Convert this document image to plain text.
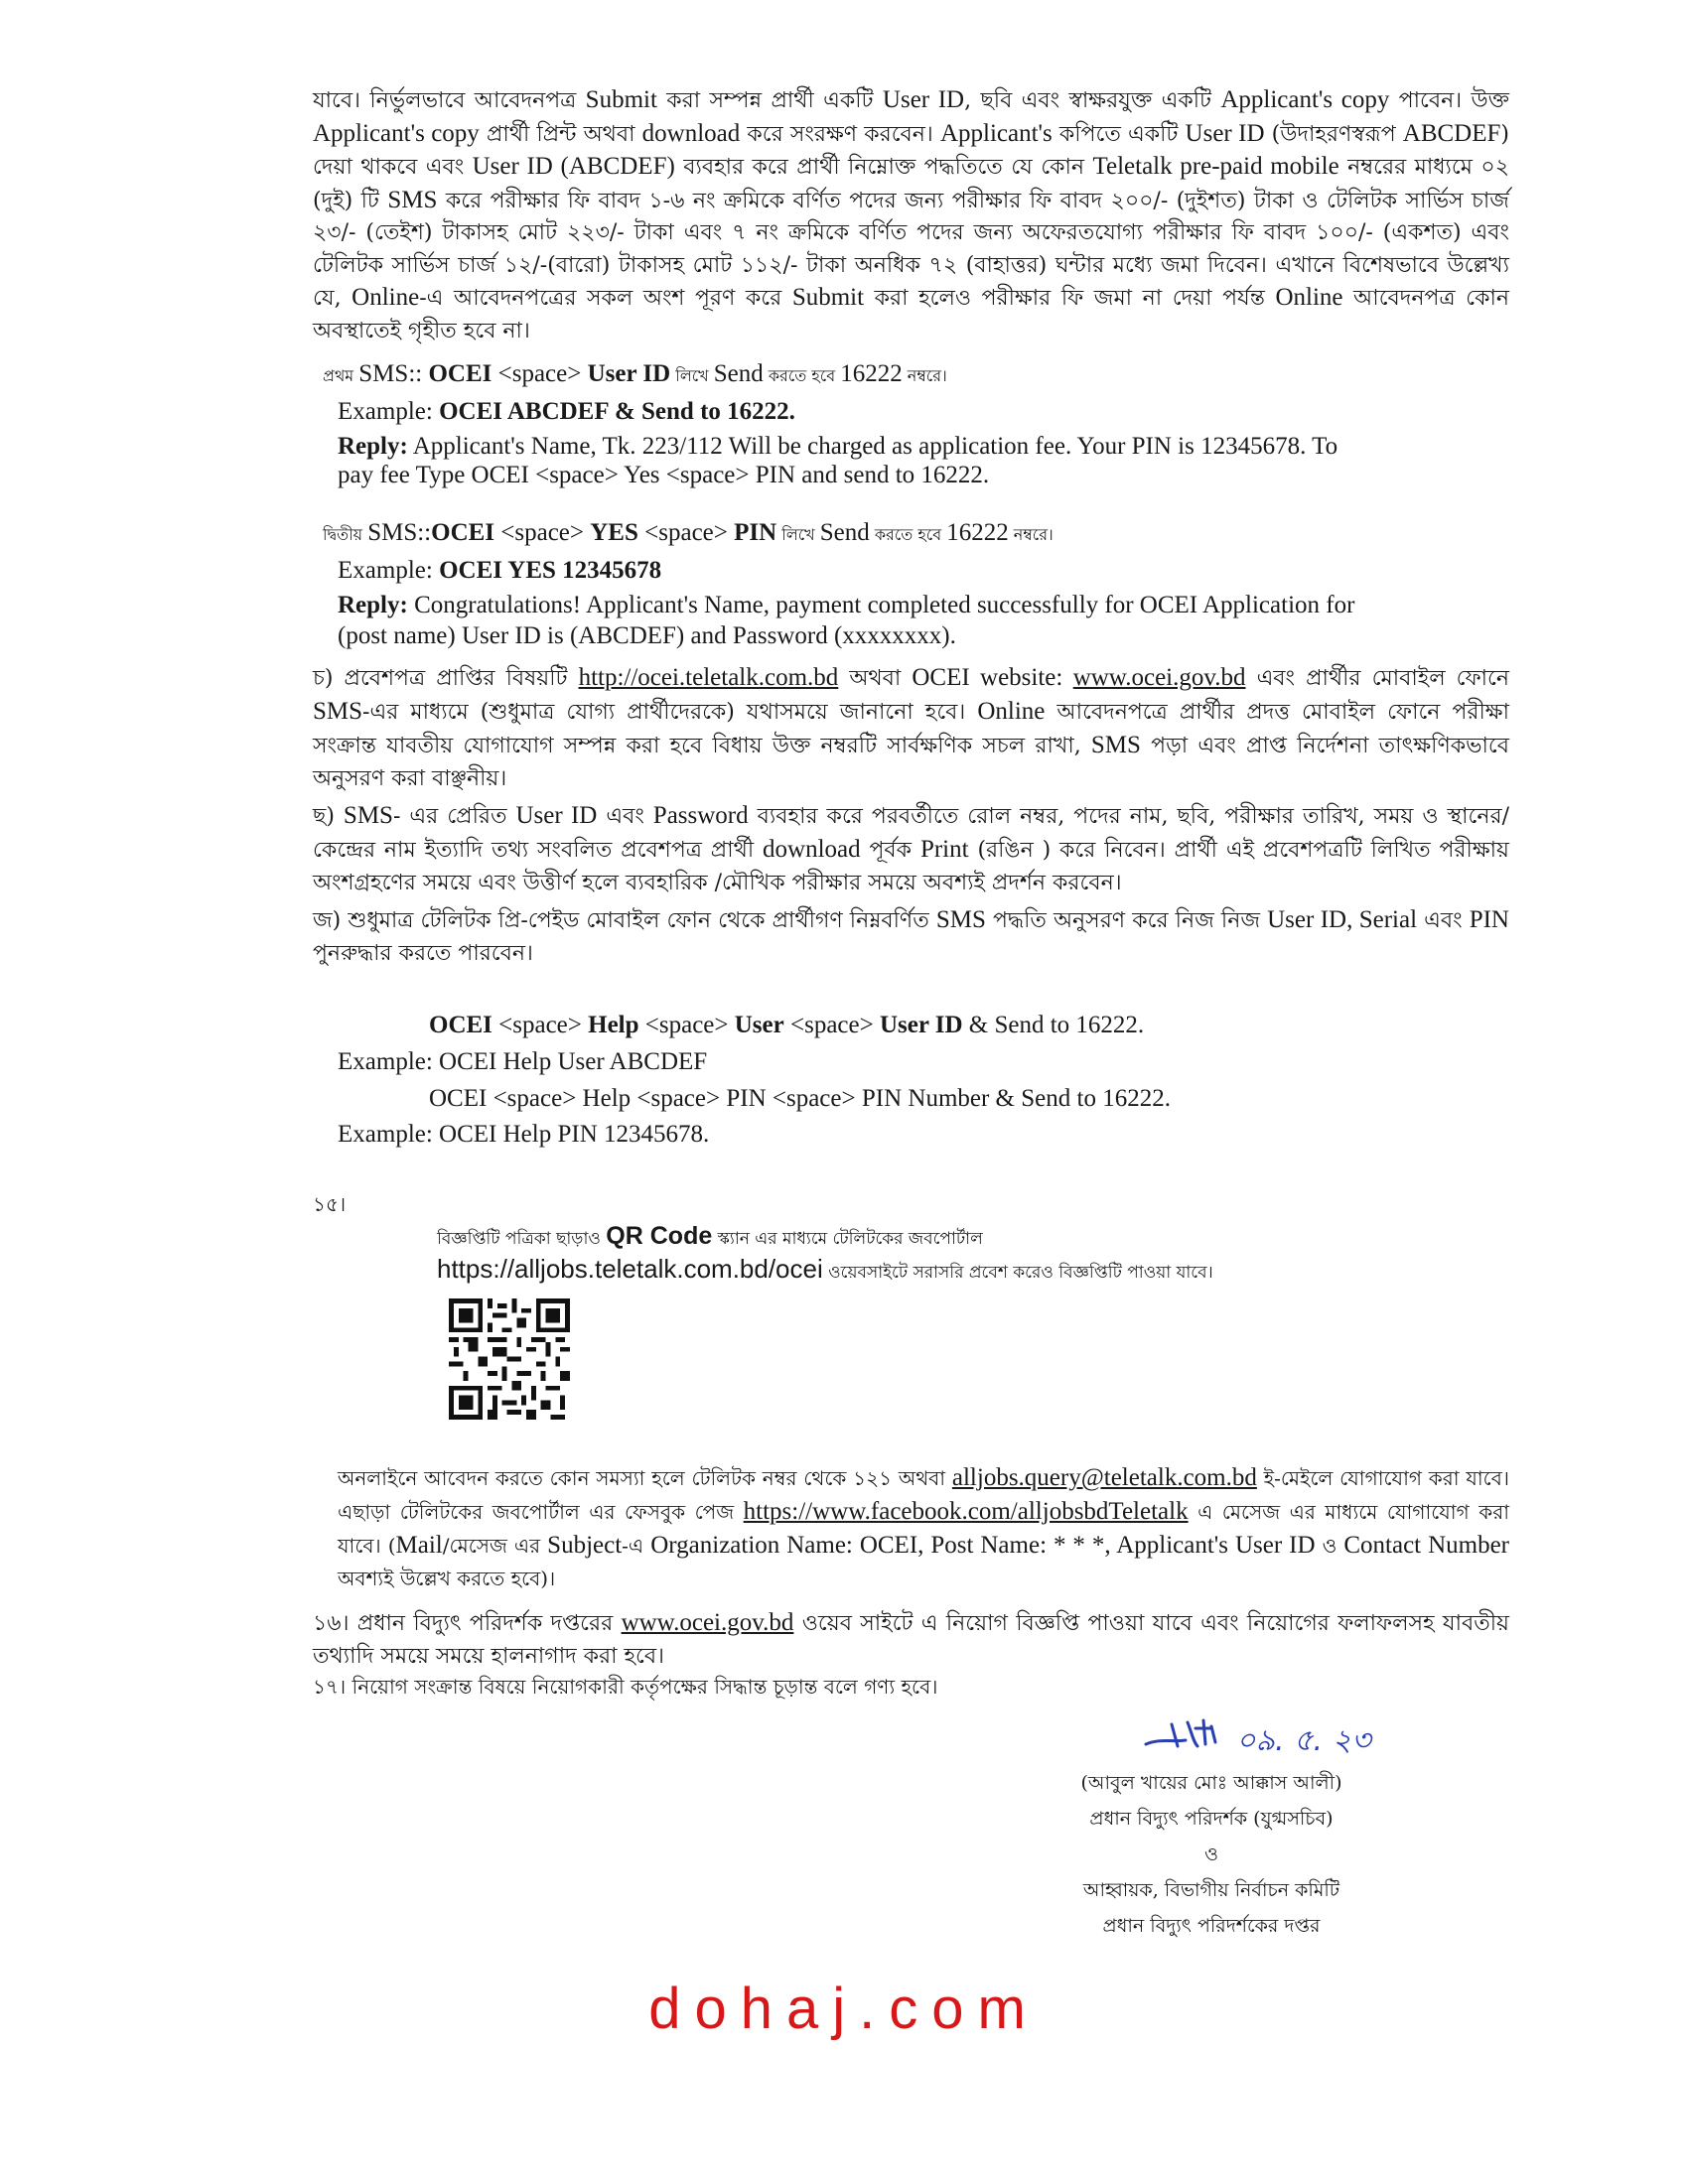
যাবে। নির্ভুলভাবে আবেদনপত্র Submit করা সম্পন্ন প্রার্থী একটি User ID, ছবি এবং স্বাক্ষরযুক্ত একটি Applicant's copy পাবেন। উক্ত Applicant's copy প্রার্থী প্রিন্ট অথবা download করে সংরক্ষণ করবেন। Applicant's কপিতে একটি User ID (উদাহরণস্বরূপ ABCDEF) দেয়া থাকবে এবং User ID (ABCDEF) ব্যবহার করে প্রার্থী নিম্নোক্ত পদ্ধতিতে যে কোন Teletalk pre-paid mobile নম্বরের মাধ্যমে ০২ (দুই) টি SMS করে পরীক্ষার ফি বাবদ ১-৬ নং ক্রমিকে বর্ণিত পদের জন্য পরীক্ষার ফি বাবদ ২০০/- (দুইশত) টাকা ও টেলিটক সার্ভিস চার্জ ২৩/- (তেইশ) টাকাসহ মোট ২২৩/- টাকা এবং ৭ নং ক্রমিকে বর্ণিত পদের জন্য অফেরতযোগ্য পরীক্ষার ফি বাবদ ১০০/- (একশত) এবং টেলিটক সার্ভিস চার্জ ১২/-(বারো) টাকাসহ মোট ১১২/- টাকা অনধিক ৭২ (বাহাত্তর) ঘন্টার মধ্যে জমা দিবেন। এখানে বিশেষভাবে উল্লেখ্য যে, Online-এ আবেদনপত্রের সকল অংশ পূরণ করে Submit করা হলেও পরীক্ষার ফি জমা না দেয়া পর্যন্ত Online আবেদনপত্র কোন অবস্থাতেই গৃহীত হবে না।
প্রথম SMS:: OCEI <space> User ID লিখে Send করতে হবে 16222 নম্বরে।
Example: OCEI ABCDEF & Send to 16222.
Reply: Applicant's Name, Tk. 223/112 Will be charged as application fee. Your PIN is 12345678. To
pay fee Type OCEI <space> Yes <space> PIN and send to 16222.
দ্বিতীয় SMS::OCEI <space> YES <space> PIN লিখে Send করতে হবে 16222 নম্বরে।
Example: OCEI YES 12345678
Reply: Congratulations! Applicant's Name, payment completed successfully for OCEI Application for
(post name) User ID is (ABCDEF) and Password (xxxxxxxx).
চ) প্রবেশপত্র প্রাপ্তির বিষয়টি http://ocei.teletalk.com.bd অথবা OCEI website: www.ocei.gov.bd এবং প্রার্থীর মোবাইল ফোনে SMS-এর মাধ্যমে (শুধুমাত্র যোগ্য প্রার্থীদেরকে) যথাসময়ে জানানো হবে। Online আবেদনপত্রে প্রার্থীর প্রদত্ত মোবাইল ফোনে পরীক্ষা সংক্রান্ত যাবতীয় যোগাযোগ সম্পন্ন করা হবে বিধায় উক্ত নম্বরটি সার্বক্ষণিক সচল রাখা, SMS পড়া এবং প্রাপ্ত নির্দেশনা তাৎক্ষণিকভাবে অনুসরণ করা বাঞ্ছনীয়।
ছ) SMS- এর প্রেরিত User ID এবং Password ব্যবহার করে পরবর্তীতে রোল নম্বর, পদের নাম, ছবি, পরীক্ষার তারিখ, সময় ও স্থানের/কেন্দ্রের নাম ইত্যাদি তথ্য সংবলিত প্রবেশপত্র প্রার্থী download পূর্বক Print (রঙিন ) করে নিবেন। প্রার্থী এই প্রবেশপত্রটি লিখিত পরীক্ষায় অংশগ্রহণের সময়ে এবং উত্তীর্ণ হলে ব্যবহারিক /মৌখিক পরীক্ষার সময়ে অবশ্যই প্রদর্শন করবেন।
জ) শুধুমাত্র টেলিটক প্রি-পেইড মোবাইল ফোন থেকে প্রার্থীগণ নিম্নবর্ণিত SMS পদ্ধতি অনুসরণ করে নিজ নিজ User ID, Serial এবং PIN পুনরুদ্ধার করতে পারবেন।
OCEI <space> Help <space> User <space> User ID & Send to 16222.
Example: OCEI Help User ABCDEF
OCEI <space> Help <space> PIN <space> PIN Number & Send to 16222.
Example: OCEI Help PIN 12345678.
১৫।
বিজ্ঞপ্তিটি পত্রিকা ছাড়াও QR Code স্ক্যান এর মাধ্যমে টেলিটকের জবপোর্টাল
https://alljobs.teletalk.com.bd/ocei ওয়েবসাইটে সরাসরি প্রবেশ করেও বিজ্ঞপ্তিটি পাওয়া যাবে।
অনলাইনে আবেদন করতে কোন সমস্যা হলে টেলিটক নম্বর থেকে ১২১ অথবা alljobs.query@teletalk.com.bd ই-মেইলে যোগাযোগ করা যাবে। এছাড়া টেলিটকের জবপোর্টাল এর ফেসবুক পেজ https://www.facebook.com/alljobsbdTeletalk এ মেসেজ এর মাধ্যমে যোগাযোগ করা যাবে। (Mail/মেসেজ এর Subject-এ Organization Name: OCEI, Post Name: * * *, Applicant's User ID ও Contact Number অবশ্যই উল্লেখ করতে হবে)।
১৬। প্রধান বিদ্যুৎ পরিদর্শক দপ্তরের www.ocei.gov.bd ওয়েব সাইটে এ নিয়োগ বিজ্ঞপ্তি পাওয়া যাবে এবং নিয়োগের ফলাফলসহ যাবতীয় তথ্যাদি সময়ে সময়ে হালনাগাদ করা হবে।
১৭। নিয়োগ সংক্রান্ত বিষয়ে নিয়োগকারী কর্তৃপক্ষের সিদ্ধান্ত চূড়ান্ত বলে গণ্য হবে।
০৯. ৫. ২৩
(আবুল খায়ের মোঃ আক্কাস আলী)
প্রধান বিদ্যুৎ পরিদর্শক (যুগ্মসচিব)
ও
আহ্বায়ক, বিভাগীয় নির্বাচন কমিটি
প্রধান বিদ্যুৎ পরিদর্শকের দপ্তর
dohaj.com
